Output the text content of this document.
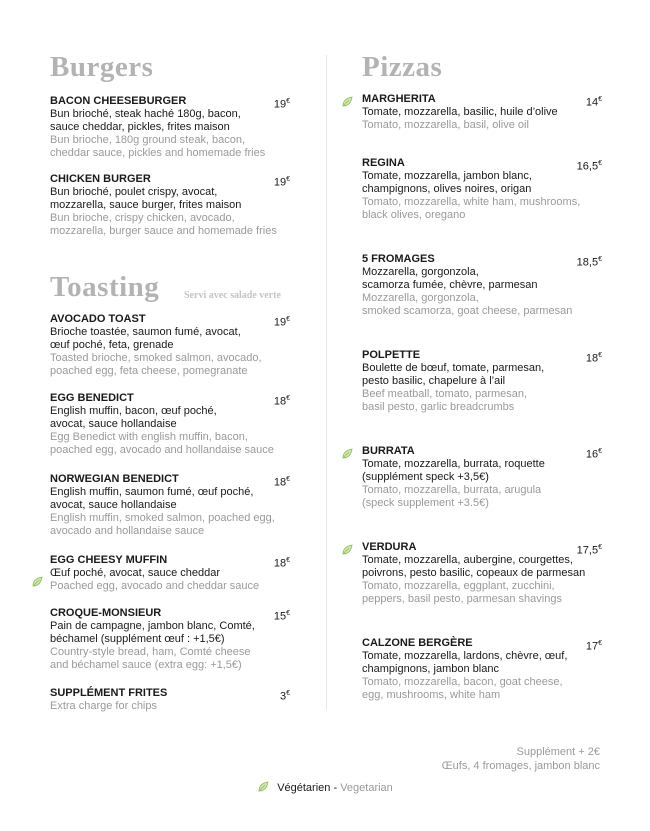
Burgers
BACON CHEESEBURGER	19€
Bun brioché, steak haché 180g, bacon,
sauce cheddar, pickles, frites maison
Bun brioche, 180g ground steak, bacon,
cheddar sauce, pickles and homemade fries
CHICKEN BURGER	19€
Bun brioché, poulet crispy, avocat,
mozzarella, sauce burger, frites maison
Bun brioche, crispy chicken, avocado,
mozzarella, burger sauce and homemade fries
Toasting Servi avec salade verte
AVOCADO TOAST	19€
Brioche toastée, saumon fumé, avocat,
œuf poché, feta, grenade
Toasted brioche, smoked salmon, avocado,
poached egg, feta cheese, pomegranate
EGG BENEDICT	18€
English muffin, bacon, œuf poché,
avocat, sauce hollandaise
Egg Benedict with english muffin, bacon,
poached egg, avocado and hollandaise sauce
NORWEGIAN BENEDICT	18€
English muffin, saumon fumé, œuf poché,
avocat, sauce hollandaise
English muffin, smoked salmon, poached egg,
avocado and hollandaise sauce
EGG CHEESY MUFFIN	18€
Œuf poché, avocat, sauce cheddar
Poached egg, avocado and cheddar sauce
CROQUE-MONSIEUR	15€
Pain de campagne, jambon blanc, Comté,
béchamel (supplément œuf : +1,5€)
Country-style bread, ham, Comté cheese
and béchamel sauce (extra egg: +1,5€)
SUPPLÉMENT FRITES	3€
Extra charge for chips
Pizzas
MARGHERITA	14€
Tomate, mozzarella, basilic, huile d’olive
Tomato, mozzarella, basil, olive oil
REGINA	16,5€
Tomate, mozzarella, jambon blanc,
champignons, olives noires, origan
Tomato, mozzarella, white ham, mushrooms,
black olives, oregano
5 FROMAGES	18,5€
Mozzarella, gorgonzola,
scamorza fumée, chèvre, parmesan
Mozzarella, gorgonzola,
smoked scamorza, goat cheese, parmesan
POLPETTE	18€
Boulette de bœuf, tomate, parmesan,
pesto basilic, chapelure à l’ail
Beef meatball, tomato, parmesan,
basil pesto, garlic breadcrumbs
BURRATA	16€
Tomate, mozzarella, burrata, roquette
(supplément speck +3,5€)
Tomato, mozzarella, burrata, arugula
(speck supplement +3.5€)
VERDURA	17,5€
Tomate, mozzarella, aubergine, courgettes,
poivrons, pesto basilic, copeaux de parmesan
Tomato, mozzarella, eggplant, zucchini,
peppers, basil pesto, parmesan shavings
CALZONE BERGÈRE	17€
Tomate, mozzarella, lardons, chèvre, œuf,
champignons, jambon blanc
Tomato, mozzarella, bacon, goat cheese,
egg, mushrooms, white ham
Supplément + 2€
Œufs, 4 fromages, jambon blanc
Végétarien - Vegetarian
